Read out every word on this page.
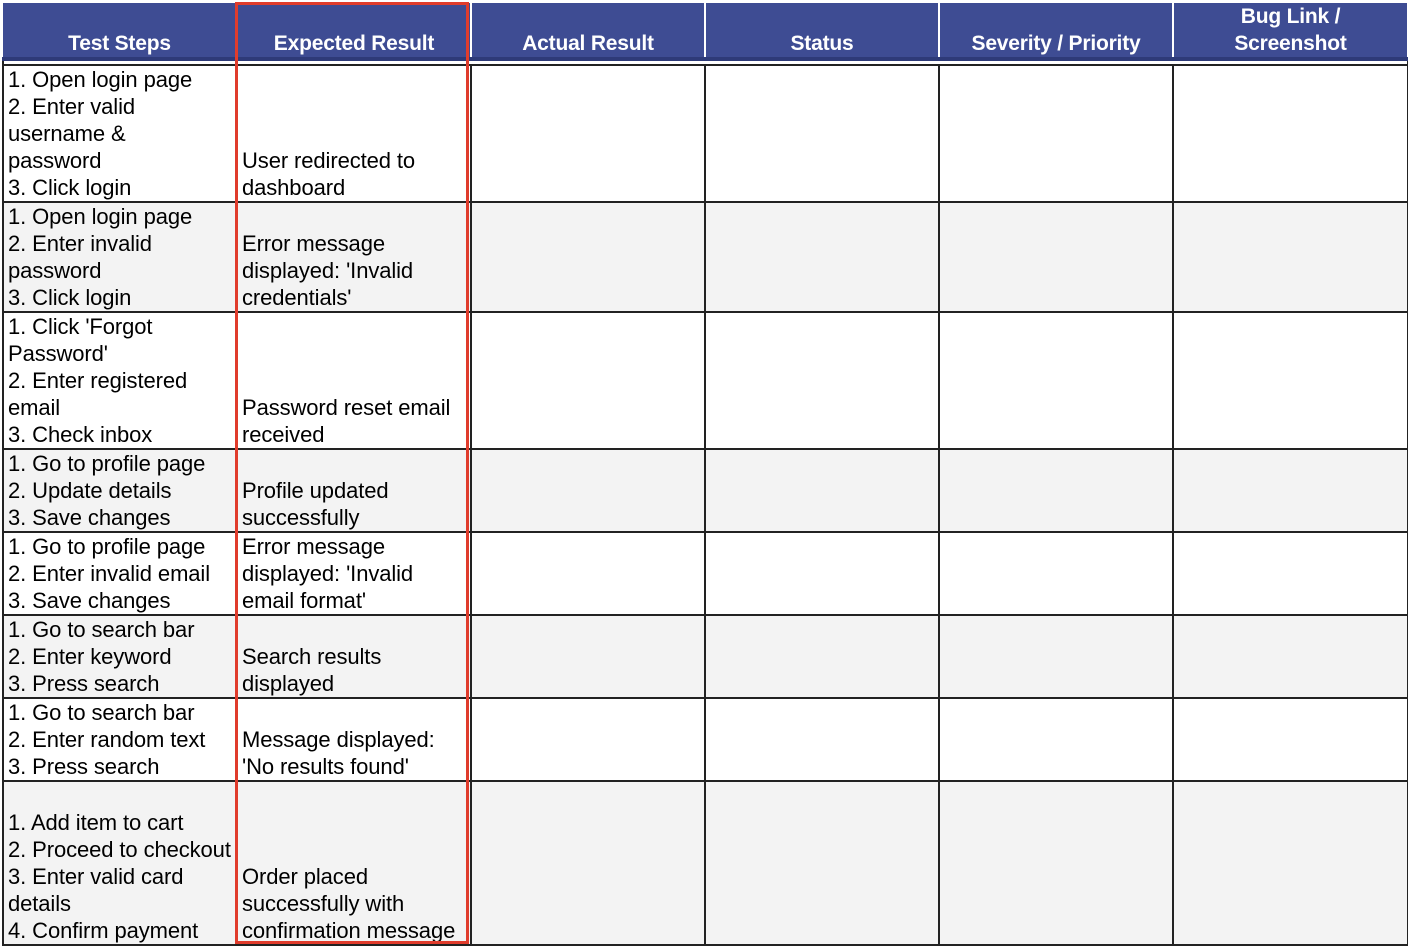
Test Steps	Expected Result	Actual Result	Status	Severity / Priority	Bug Link /
Screenshot

1. Open login page
2. Enter valid username &
password
3. Click login	User redirected to dashboard				
1. Open login page
2. Enter invalid password
3. Click login	Error message displayed: 'Invalid credentials'				
1. Click 'Forgot Password'
2. Enter registered email
3. Check inbox	Password reset email received				
1. Go to profile page
2. Update details
3. Save changes	Profile updated successfully				
1. Go to profile page
2. Enter invalid email
3. Save changes	Error message displayed: 'Invalid email format'				
1. Go to search bar
2. Enter keyword
3. Press search	Search results displayed				
1. Go to search bar
2. Enter random text
3. Press search	Message displayed: 'No results found'				
1. Add item to cart
2. Proceed to checkout
3. Enter valid card details
4. Confirm payment	Order placed successfully with confirmation message				
